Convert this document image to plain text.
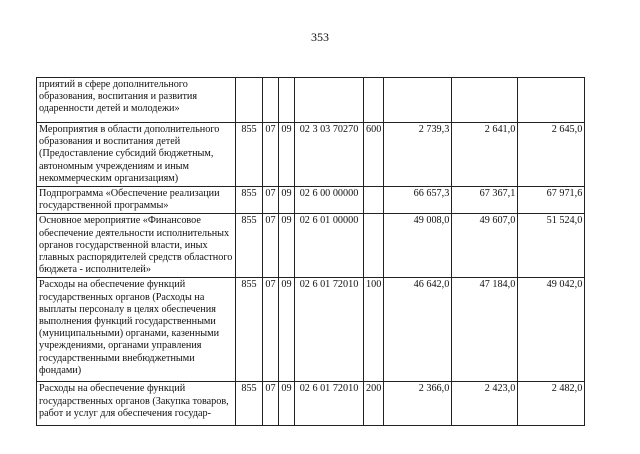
353
приятий в сфере дополнительного образования, воспитания и развития одаренности детей и молодежи»								
Мероприятия в области дополнительного образования и воспитания детей (Предоставление субсидий бюджетным, автономным учреждениям и иным некоммерческим организациям)	855	07	09	02 3 03 70270	600	2 739,3	2 641,0	2 645,0
Подпрограмма «Обеспечение реализации государственной программы»	855	07	09	02 6 00 00000		66 657,3	67 367,1	67 971,6
Основное мероприятие «Финансовое обеспечение деятельности исполнительных органов государственной власти, иных главных распорядителей средств областного бюджета - исполнителей»	855	07	09	02 6 01 00000		49 008,0	49 607,0	51 524,0
Расходы на обеспечение функций государственных органов (Расходы на выплаты персоналу в целях обеспечения выполнения функций государственными (муниципальными) органами, казенными учреждениями, органами управления государственными внебюджетными фондами)	855	07	09	02 6 01 72010	100	46 642,0	47 184,0	49 042,0
Расходы на обеспечение функций государственных органов (Закупка товаров, работ и услуг для обеспечения государ-	855	07	09	02 6 01 72010	200	2 366,0	2 423,0	2 482,0
